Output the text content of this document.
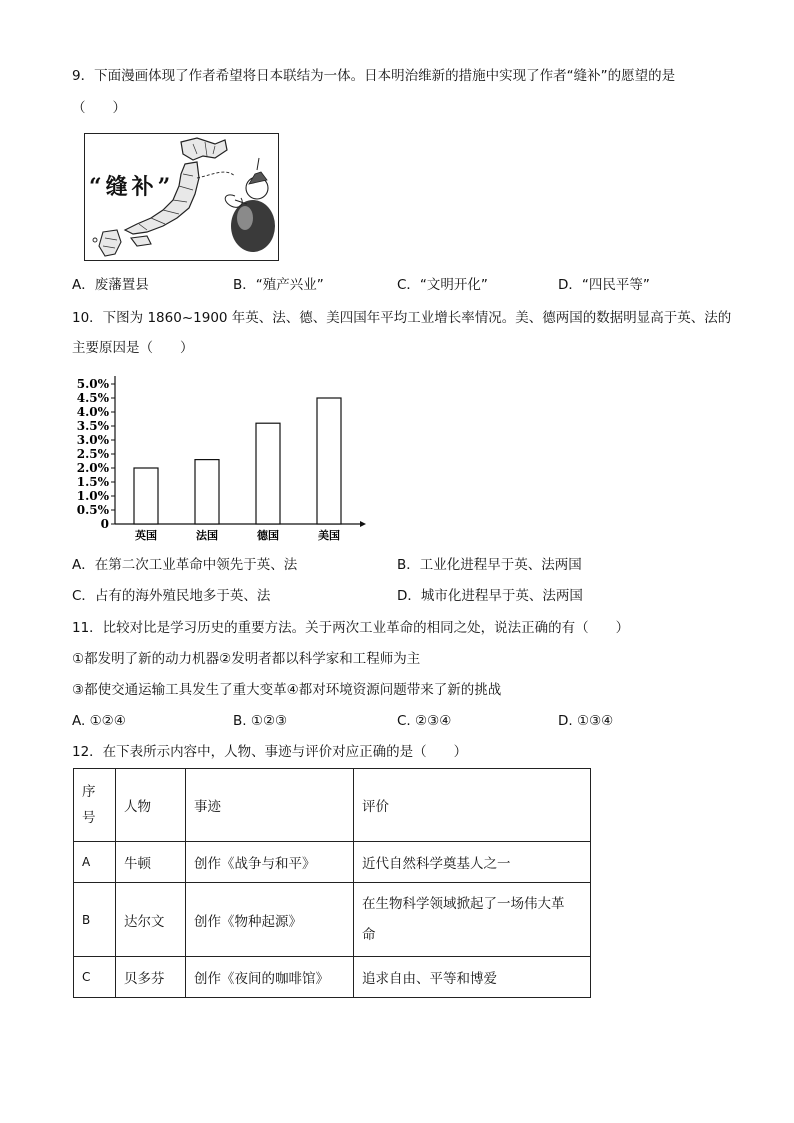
9．下面漫画体现了作者希望将日本联结为一体。日本明治维新的措施中实现了作者“缝补”的愿望的是
（　　）
“缝补”
A．废藩置县	B．“殖产兴业”	C．“文明开化”	D．“四民平等”
10．下图为 1860~1900 年英、法、德、美四国年平均工业增长率情况。美、德两国的数据明显高于英、法的
主要原因是（　　）
0
0.5%
1.0%
1.5%
2.0%
2.5%
3.0%
3.5%
4.0%
4.5%
5.0%
英国	法国	德国	美国
A．在第二次工业革命中领先于英、法	B．工业化进程早于英、法两国
C．占有的海外殖民地多于英、法	D．城市化进程早于英、法两国
11．比较对比是学习历史的重要方法。关于两次工业革命的相同之处，说法正确的有（　　）
①都发明了新的动力机器②发明者都以科学家和工程师为主
③都使交通运输工具发生了重大变革④都对环境资源问题带来了新的挑战
A. ①②④	B. ①②③	C. ②③④	D. ①③④
12．在下表所示内容中，人物、事迹与评价对应正确的是（　　）
序
号	人物	事迹	评价
A	牛顿	创作《战争与和平》	近代自然科学奠基人之一
B	达尔文	创作《物种起源》	在生物科学领域掀起了一场伟大革
命

C	贝多芬	创作《夜间的咖啡馆》	追求自由、平等和博爱
